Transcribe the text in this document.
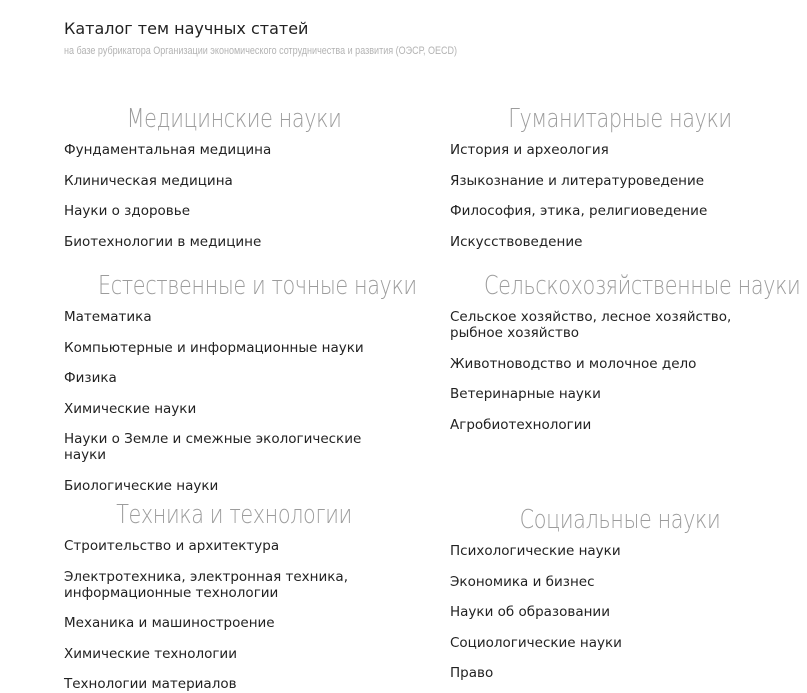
Каталог тем научных статей
на базе рубрикатора Организации экономического сотрудничества и развития (ОЭСР, OECD)
Медицинские науки
Фундаментальная медицина
Клиническая медицина
Науки о здоровье
Биотехнологии в медицине
Естественные и точные науки
Математика
Компьютерные и информационные науки
Физика
Химические науки
Науки о Земле и смежные экологические науки
Биологические науки
Техника и технологии
Строительство и архитектура
Электротехника, электронная техника, информационные технологии
Механика и машиностроение
Химические технологии
Технологии материалов
Гуманитарные науки
История и археология
Языкознание и литературоведение
Философия, этика, религиоведение
Искусствоведение
Сельскохозяйственные науки
Сельское хозяйство, лесное хозяйство, рыбное хозяйство
Животноводство и молочное дело
Ветеринарные науки
Агробиотехнологии
Социальные науки
Психологические науки
Экономика и бизнес
Науки об образовании
Социологические науки
Право
